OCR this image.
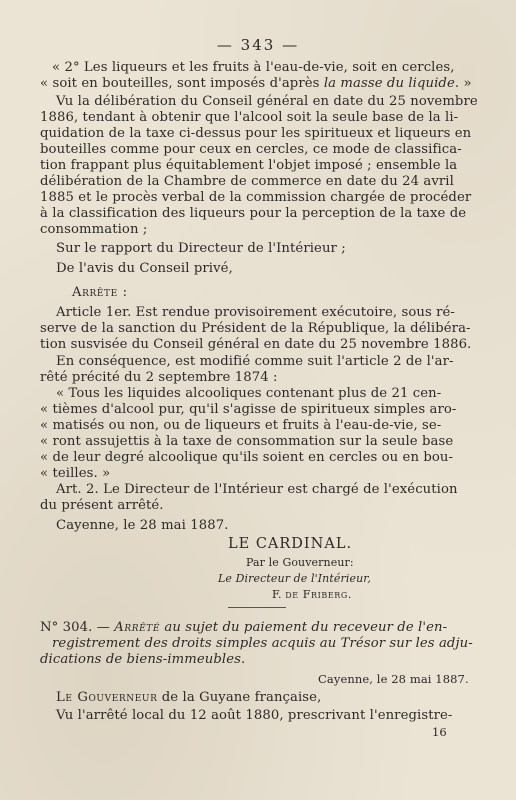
— 343 —
« 2° Les liqueurs et les fruits à l'eau-de-vie, soit en cercles,
« soit en bouteilles, sont imposés d'après la masse du liquide. »
Vu la délibération du Conseil général en date du 25 novembre
1886, tendant à obtenir que l'alcool soit la seule base de la li-
quidation de la taxe ci-dessus pour les spiritueux et liqueurs en
bouteilles comme pour ceux en cercles, ce mode de classifica-
tion frappant plus équitablement l'objet imposé ; ensemble la
délibération de la Chambre de commerce en date du 24 avril
1885 et le procès verbal de la commission chargée de procéder
à la classification des liqueurs pour la perception de la taxe de
consommation ;
Sur le rapport du Directeur de l'Intérieur ;
De l'avis du Conseil privé,
Arrête :
Article 1er. Est rendue provisoirement exécutoire, sous ré-
serve de la sanction du Président de la République, la délibéra-
tion susvisée du Conseil général en date du 25 novembre 1886.
En conséquence, est modifié comme suit l'article 2 de l'ar-
rêté précité du 2 septembre 1874 :
« Tous les liquides alcooliques contenant plus de 21 cen-
« tièmes d'alcool pur, qu'il s'agisse de spiritueux simples aro-
« matisés ou non, ou de liqueurs et fruits à l'eau-de-vie, se-
« ront assujettis à la taxe de consommation sur la seule base
« de leur degré alcoolique qu'ils soient en cercles ou en bou-
« teilles. »
Art. 2. Le Directeur de l'Intérieur est chargé de l'exécution
du présent arrêté.
Cayenne, le 28 mai 1887.
LE CARDINAL.
Par le Gouverneur:
Le Directeur de l'Intérieur,
F. de Friberg.
N° 304. — Arrêté au sujet du paiement du receveur de l'en-
registrement des droits simples acquis au Trésor sur les adju-
dications de biens-immeubles.
Cayenne, le 28 mai 1887.
Le Gouverneur de la Guyane française,
Vu l'arrêté local du 12 août 1880, prescrivant l'enregistre-
16
